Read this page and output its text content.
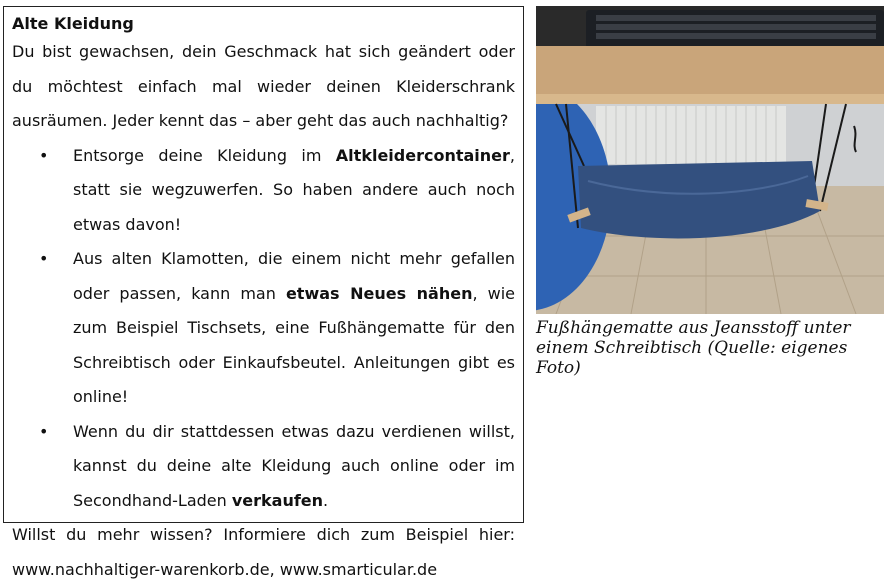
Alte Kleidung
Du bist gewachsen, dein Geschmack hat sich geändert oder du möchtest einfach mal wieder deinen Kleiderschrank ausräumen. Jeder kennt das – aber geht das auch nachhaltig?
• Entsorge deine Kleidung im Altkleidercontainer, statt sie wegzuwerfen. So haben andere auch noch etwas davon!
• Aus alten Klamotten, die einem nicht mehr gefallen oder passen, kann man etwas Neues nähen, wie zum Beispiel Tischsets, eine Fußhängematte für den Schreibtisch oder Einkaufsbeutel. Anleitungen gibt es online!
• Wenn du dir stattdessen etwas dazu verdienen willst, kannst du deine alte Kleidung auch online oder im Secondhand-Laden verkaufen.
Willst du mehr wissen? Informiere dich zum Beispiel hier: www.nachhaltiger-warenkorb.de, www.smarticular.de
Fußhängematte aus Jeansstoff unter einem Schreibtisch (Quelle: eigenes Foto)
